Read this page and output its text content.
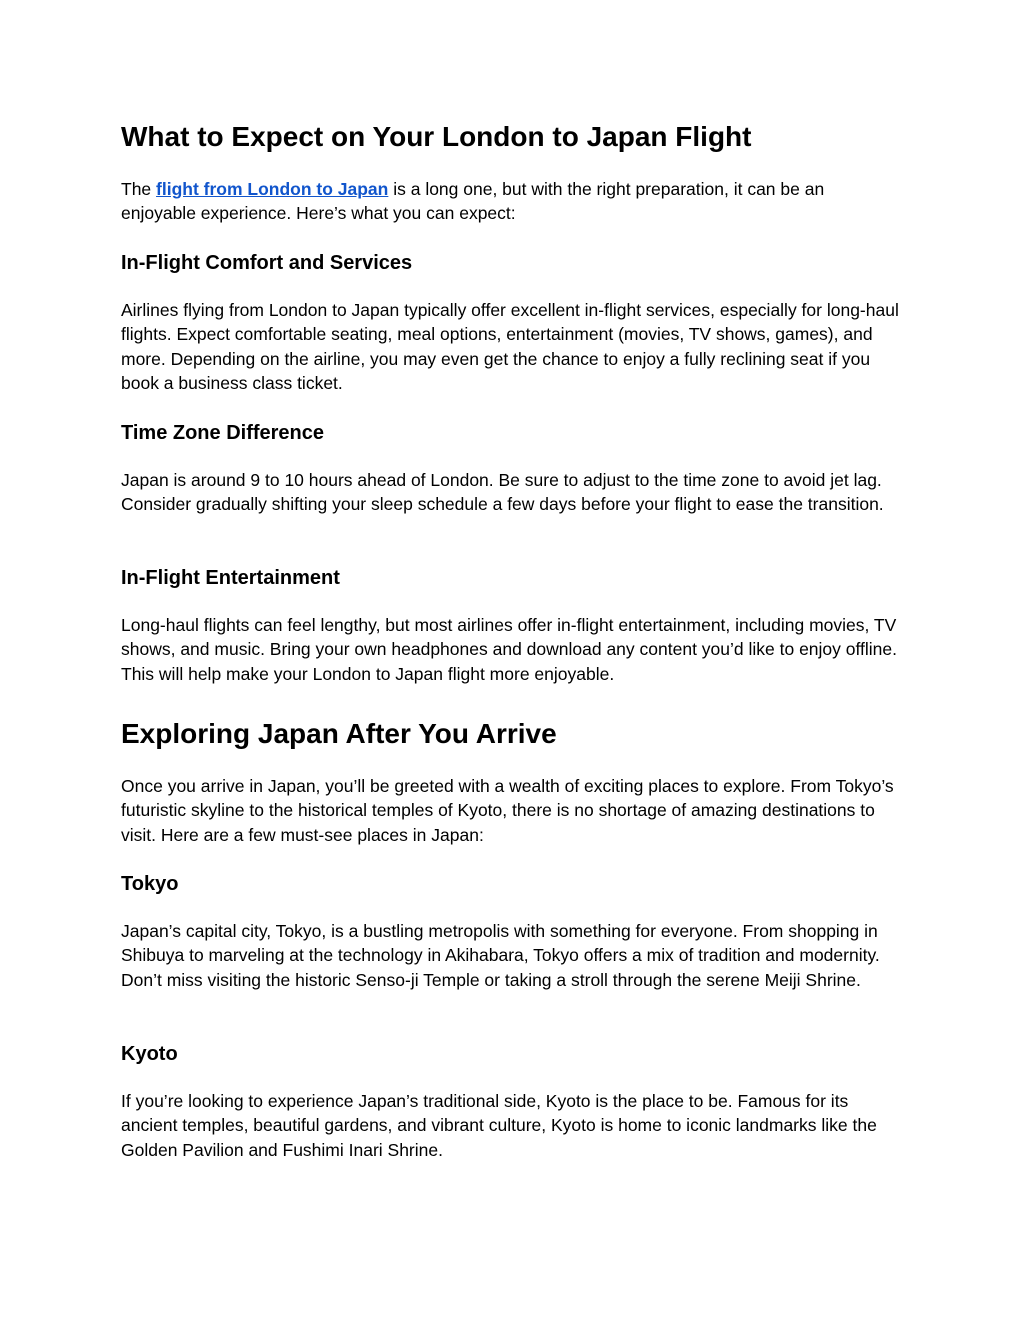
What to Expect on Your London to Japan Flight

The flight from London to Japan is a long one, but with the right preparation, it can be an enjoyable experience. Here’s what you can expect:

In-Flight Comfort and Services

Airlines flying from London to Japan typically offer excellent in-flight services, especially for long-haul flights. Expect comfortable seating, meal options, entertainment (movies, TV shows, games), and more. Depending on the airline, you may even get the chance to enjoy a fully reclining seat if you book a business class ticket.

Time Zone Difference

Japan is around 9 to 10 hours ahead of London. Be sure to adjust to the time zone to avoid jet lag. Consider gradually shifting your sleep schedule a few days before your flight to ease the transition.

In-Flight Entertainment

Long-haul flights can feel lengthy, but most airlines offer in-flight entertainment, including movies, TV shows, and music. Bring your own headphones and download any content you’d like to enjoy offline. This will help make your London to Japan flight more enjoyable.

Exploring Japan After You Arrive

Once you arrive in Japan, you’ll be greeted with a wealth of exciting places to explore. From Tokyo’s futuristic skyline to the historical temples of Kyoto, there is no shortage of amazing destinations to visit. Here are a few must-see places in Japan:

Tokyo

Japan’s capital city, Tokyo, is a bustling metropolis with something for everyone. From shopping in Shibuya to marveling at the technology in Akihabara, Tokyo offers a mix of tradition and modernity. Don’t miss visiting the historic Senso-ji Temple or taking a stroll through the serene Meiji Shrine.

Kyoto

If you’re looking to experience Japan’s traditional side, Kyoto is the place to be. Famous for its ancient temples, beautiful gardens, and vibrant culture, Kyoto is home to iconic landmarks like the Golden Pavilion and Fushimi Inari Shrine.
